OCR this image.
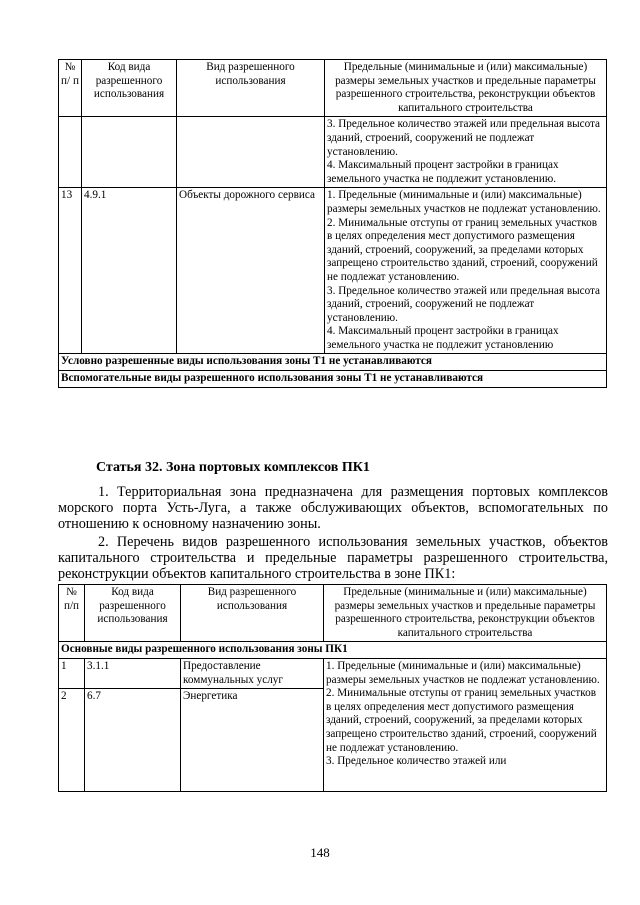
№ п/ п	Код вида разрешенного использования	Вид разрешенного использования	Предельные (минимальные и (или) максимальные) размеры земельных участков и предельные параметры разрешенного строительства, реконструкции объектов капитального строительства
			3. Предельное количество этажей или предельная высота зданий, строений, сооружений не подлежат установлению.
4. Максимальный процент застройки в границах земельного участка не подлежит установлению.
13	4.9.1	Объекты дорожного сервиса	1. Предельные (минимальные и (или) максимальные) размеры земельных участков не подлежат установлению.
2. Минимальные отступы от границ земельных участков в целях определения мест допустимого размещения зданий, строений, сооружений, за пределами которых запрещено строительство зданий, строений, сооружений не подлежат установлению.
3. Предельное количество этажей или предельная высота зданий, строений, сооружений не подлежат установлению.
4. Максимальный процент застройки в границах земельного участка не подлежит установлению
Условно разрешенные виды использования зоны Т1 не устанавливаются			
Вспомогательные виды разрешенного использования зоны Т1 не устанавливаются			
Статья 32. Зона портовых комплексов ПК1
1. Территориальная зона предназначена для размещения портовых комплексов
морского порта Усть-Луга, а также обслуживающих объектов, вспомогательных по
отношению к основному назначению зоны.
2. Перечень видов разрешенного использования земельных участков, объектов
капитального строительства и предельные параметры разрешенного строительства,
реконструкции объектов капитального строительства в зоне ПК1:
№ п/п	Код вида разрешенного использования	Вид разрешенного использования	Предельные (минимальные и (или) максимальные) размеры земельных участков и предельные параметры разрешенного строительства, реконструкции объектов капитального строительства
Основные виды разрешенного использования зоны ПК1			
1	3.1.1	Предоставление коммунальных услуг	1. Предельные (минимальные и (или) максимальные) размеры земельных участков не подлежат установлению.
2. Минимальные отступы от границ земельных участков в целях определения мест допустимого размещения зданий, строений, сооружений, за пределами которых запрещено строительство зданий, строений, сооружений не подлежат установлению.
3. Предельное количество этажей или
2	6.7	Энергетика	
148
